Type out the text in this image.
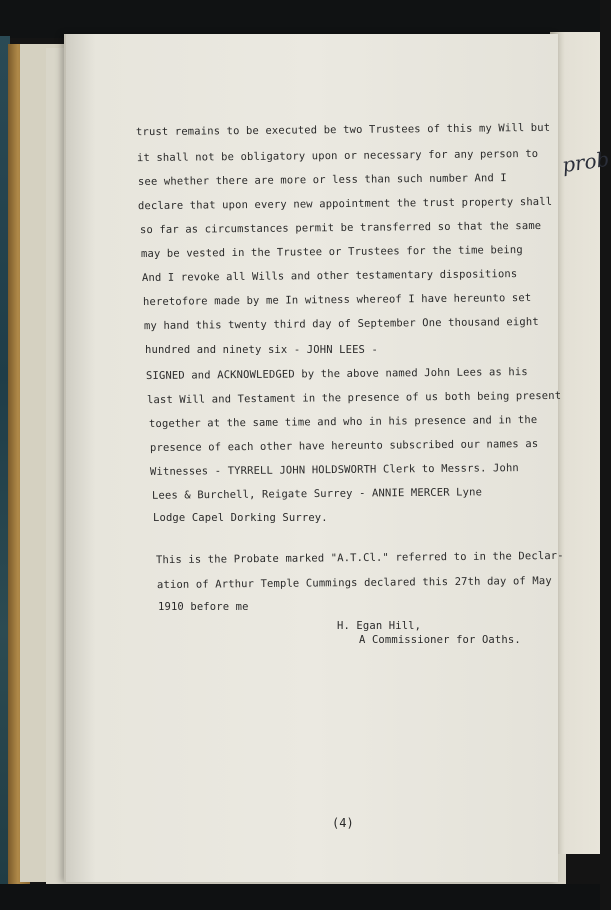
prob
trust remains to be executed be two Trustees of this my Will but
it shall not be obligatory upon or necessary for any person to
see whether there are more or less than such number And I
declare that upon every new appointment the trust property shall
so far as circumstances permit be transferred so that the same
may be vested in the Trustee or Trustees for the time being
And I revoke all Wills and other testamentary dispositions
heretofore made by me In witness whereof I have hereunto set
my hand this twenty third day of September One thousand eight
hundred and ninety six - JOHN LEES -
SIGNED and ACKNOWLEDGED by the above named John Lees as his
last Will and Testament in the presence of us both being present
together at the same time and who in his presence and in the
presence of each other have hereunto subscribed our names as
Witnesses - TYRRELL JOHN HOLDSWORTH Clerk to Messrs. John
Lees & Burchell, Reigate Surrey - ANNIE MERCER Lyne
Lodge Capel Dorking Surrey.
This is the Probate marked "A.T.Cl." referred to in the Declar-
ation of Arthur Temple Cummings declared this 27th day of May
1910 before me
H. Egan Hill,
A Commissioner for Oaths.
(4)
